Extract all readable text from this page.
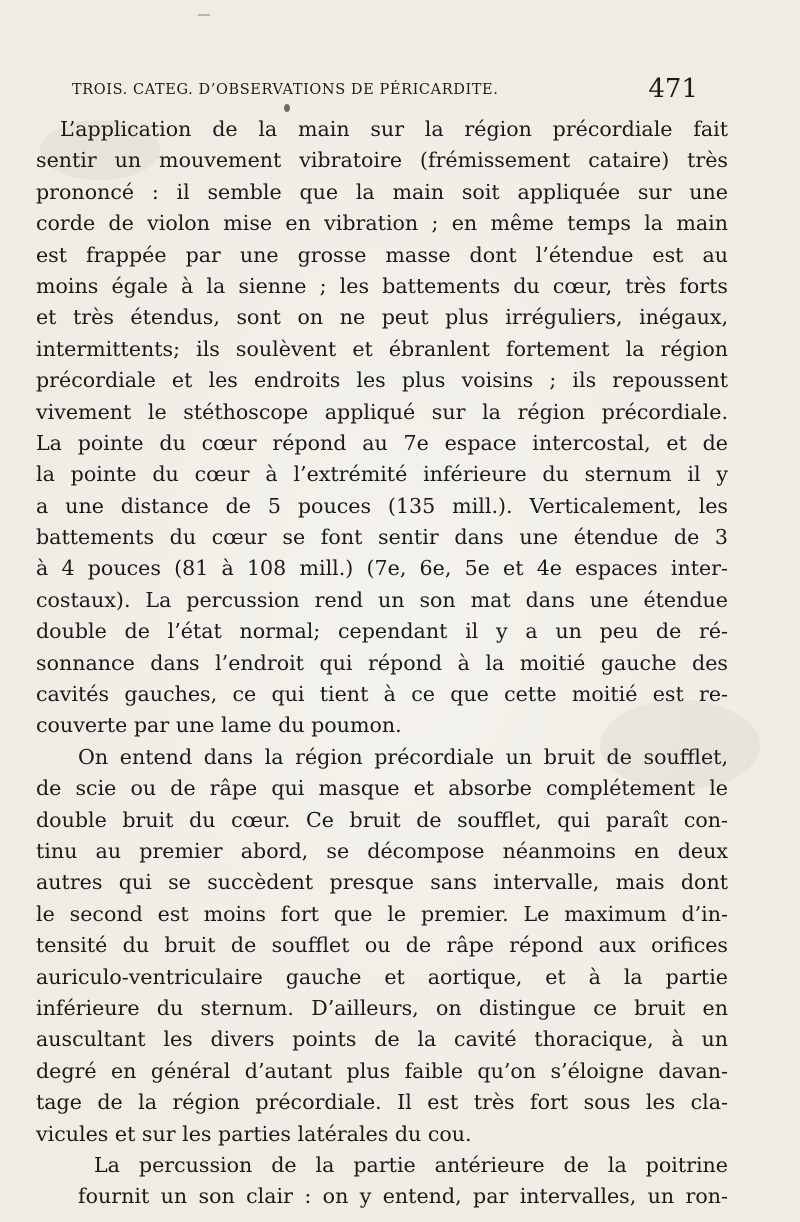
TROIS. CATEG. D’OBSERVATIONS DE PÉRICARDITE.	471
L’application de la main sur la région précordiale fait
sentir un mouvement vibratoire (frémissement cataire) très
prononcé : il semble que la main soit appliquée sur une
corde de violon mise en vibration ; en même temps la main
est frappée par une grosse masse dont l’étendue est au
moins égale à la sienne ; les battements du cœur, très forts
et très étendus, sont on ne peut plus irréguliers, inégaux,
intermittents; ils soulèvent et ébranlent fortement la région
précordiale et les endroits les plus voisins ; ils repoussent
vivement le stéthoscope appliqué sur la région précordiale.
La pointe du cœur répond au 7e espace intercostal, et de
la pointe du cœur à l’extrémité inférieure du sternum il y
a une distance de 5 pouces (135 mill.). Verticalement, les
battements du cœur se font sentir dans une étendue de 3
à 4 pouces (81 à 108 mill.) (7e, 6e, 5e et 4e espaces inter-
costaux). La percussion rend un son mat dans une étendue
double de l’état normal; cependant il y a un peu de ré-
sonnance dans l’endroit qui répond à la moitié gauche des
cavités gauches, ce qui tient à ce que cette moitié est re-
couverte par une lame du poumon.
On entend dans la région précordiale un bruit de soufflet,
de scie ou de râpe qui masque et absorbe complétement le
double bruit du cœur. Ce bruit de soufflet, qui paraît con-
tinu au premier abord, se décompose néanmoins en deux
autres qui se succèdent presque sans intervalle, mais dont
le second est moins fort que le premier. Le maximum d’in-
tensité du bruit de soufflet ou de râpe répond aux orifices
auriculo-ventriculaire gauche et aortique, et à la partie
inférieure du sternum. D’ailleurs, on distingue ce bruit en
auscultant les divers points de la cavité thoracique, à un
degré en général d’autant plus faible qu’on s’éloigne davan-
tage de la région précordiale. Il est très fort sous les cla-
vicules et sur les parties latérales du cou.
La percussion de la partie antérieure de la poitrine
fournit un son clair : on y entend, par intervalles, un ron-
